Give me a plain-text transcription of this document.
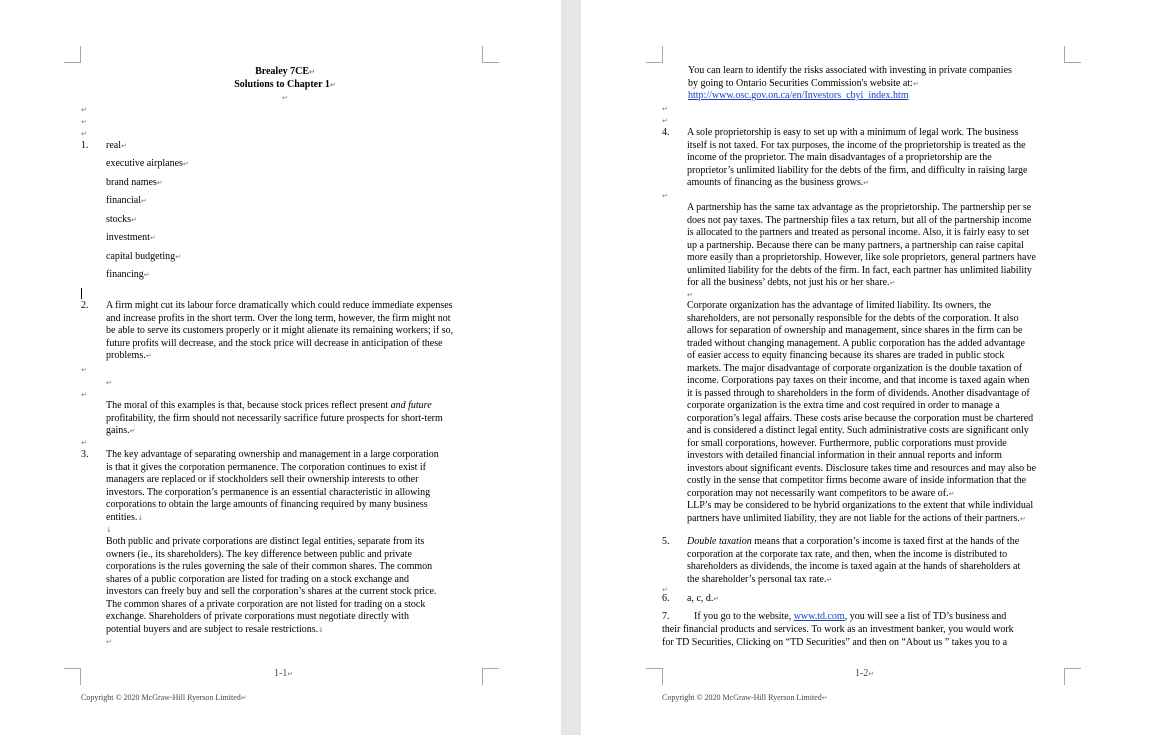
Brealey 7CE↵
Solutions to Chapter 1↵
↵
↵
↵
↵
1. real↵
executive airplanes↵
brand names↵
financial↵
stocks↵
investment↵
capital budgeting↵
financing↵
2. A firm might cut its labour force dramatically which could reduce immediate expenses
and increase profits in the short term. Over the long term, however, the firm might not
be able to serve its customers properly or it might alienate its remaining workers; if so,
future profits will decrease, and the stock price will decrease in anticipation of these
problems.↵
↵
↵
↵
The moral of this examples is that, because stock prices reflect present and future
profitability, the firm should not necessarily sacrifice future prospects for short-term
gains.↵
↵
3. The key advantage of separating ownership and management in a large corporation
is that it gives the corporation permanence. The corporation continues to exist if
managers are replaced or if stockholders sell their ownership interests to other
investors. The corporation’s permanence is an essential characteristic in allowing
corporations to obtain the large amounts of financing required by many business
entities.↓
↓
Both public and private corporations are distinct legal entities, separate from its
owners (ie., its shareholders). The key difference between public and private
corporations is the rules governing the sale of their common shares. The common
shares of a public corporation are listed for trading on a stock exchange and
investors can freely buy and sell the corporation’s shares at the current stock price.
The common shares of a private corporation are not listed for trading on a stock
exchange. Shareholders of private corporations must negotiate directly with
potential buyers and are subject to resale restrictions.↓
↵
1-1↵
Copyright © 2020 McGraw-Hill Ryerson Limited↵
You can learn to identify the risks associated with investing in private companies
by going to Ontario Securities Commission's website at:↵
http://www.osc.gov.on.ca/en/Investors_cbyi_index.htm
↵
↵
4. A sole proprietorship is easy to set up with a minimum of legal work. The business
itself is not taxed. For tax purposes, the income of the proprietorship is treated as the
income of the proprietor. The main disadvantages of a proprietorship are the
proprietor’s unlimited liability for the debts of the firm, and difficulty in raising large
amounts of financing as the business grows.↵
↵
A partnership has the same tax advantage as the proprietorship. The partnership per se
does not pay taxes. The partnership files a tax return, but all of the partnership income
is allocated to the partners and treated as personal income. Also, it is fairly easy to set
up a partnership. Because there can be many partners, a partnership can raise capital
more easily than a proprietorship. However, like sole proprietors, general partners have
unlimited liability for the debts of the firm. In fact, each partner has unlimited liability
for all the business’ debts, not just his or her share.↵
↵
Corporate organization has the advantage of limited liability. Its owners, the
shareholders, are not personally responsible for the debts of the corporation. It also
allows for separation of ownership and management, since shares in the firm can be
traded without changing management. A public corporation has the added advantage
of easier access to equity financing because its shares are traded in public stock
markets. The major disadvantage of corporate organization is the double taxation of
income. Corporations pay taxes on their income, and that income is taxed again when
it is passed through to shareholders in the form of dividends. Another disadvantage of
corporate organization is the extra time and cost required in order to manage a
corporation’s legal affairs. These costs arise because the corporation must be chartered
and is considered a distinct legal entity. Such administrative costs are significant only
for small corporations, however. Furthermore, public corporations must provide
investors with detailed financial information in their annual reports and inform
investors about significant events. Disclosure takes time and resources and may also be
costly in the sense that competitor firms become aware of inside information that the
corporation may not necessarily want competitors to be aware of.↵
LLP’s may be considered to be hybrid organizations to the extent that while individual
partners have unlimited liability, they are not liable for the actions of their partners.↵
5. Double taxation means that a corporation’s income is taxed first at the hands of the
corporation at the corporate tax rate, and then, when the income is distributed to
shareholders as dividends, the income is taxed again at the hands of shareholders at
the shareholder’s personal tax rate.↵
↵
6. a, c, d.↵
7. If you go to the website, www.td.com, you will see a list of TD’s business and
their financial products and services. To work as an investment banker, you would work
for TD Securities, Clicking on “TD Securities” and then on “About us ” takes you to a
1-2↵
Copyright © 2020 McGraw-Hill Ryerson Limited↵
